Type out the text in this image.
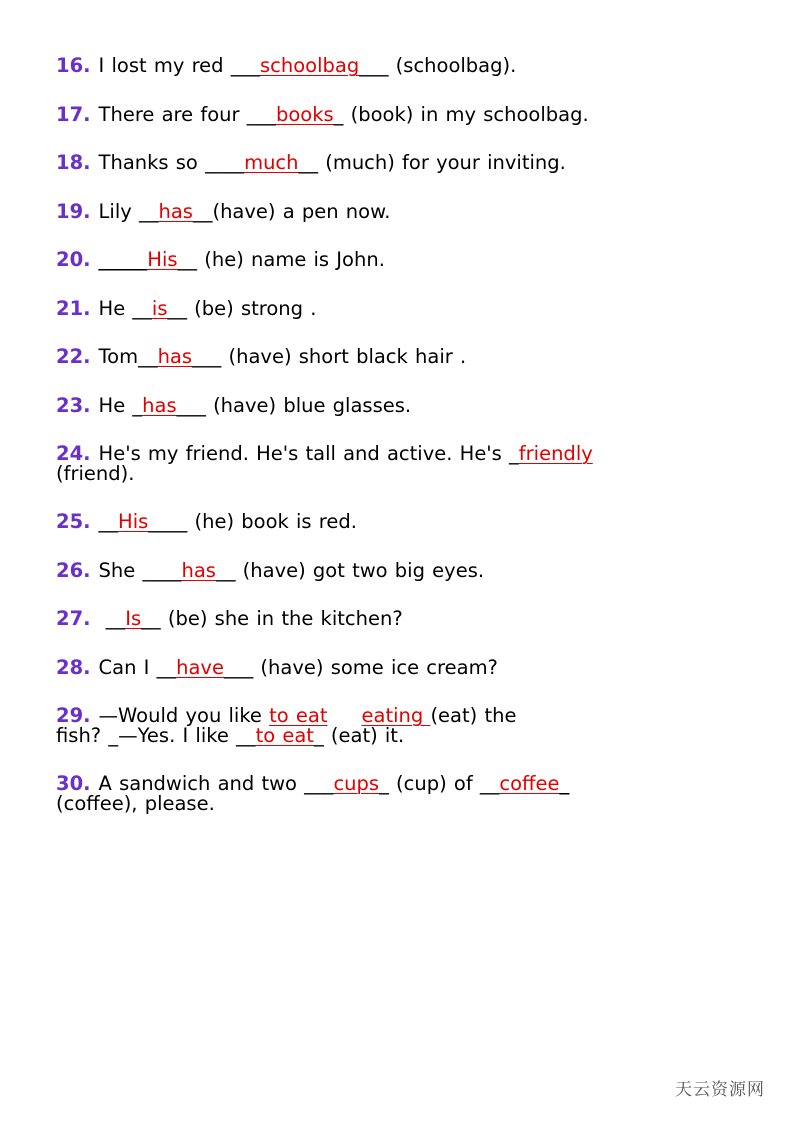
16. I lost my red ___schoolbag___ (schoolbag).

17. There are four ___books_ (book) in my schoolbag.

18. Thanks so ____much__ (much) for your inviting.

19. Lily __has__(have) a pen now.

20. _____His__ (he) name is John.

21. He __is__ (be) strong .

22. Tom__has___ (have) short black hair .

23. He _has___ (have) blue glasses.

24. He's my friend. He's tall and active. He's _friendly
(friend).

25. __His____ (he) book is red.

26. She ____has__ (have) got two big eyes.

27. __Is__ (be) she in the kitchen?

28. Can I __have___ (have) some ice cream?

29. —Would you like to eat eating (eat) the
fish? _—Yes. I like __to eat_ (eat) it.

30. A sandwich and two ___cups_ (cup) of __coffee_
(coffee), please.

天云资源网
